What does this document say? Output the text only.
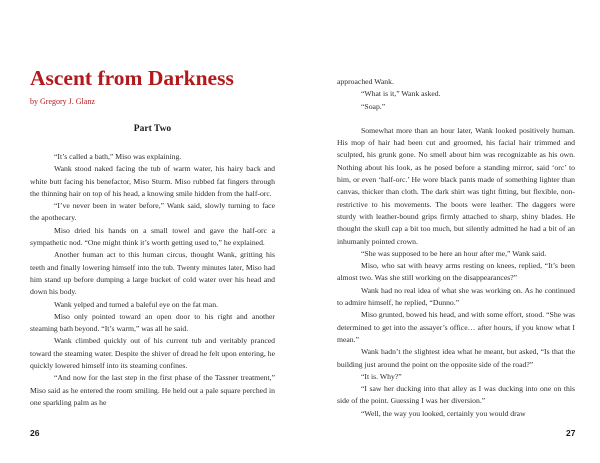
Ascent from Darkness

by Gregory J. Glanz

Part Two

“It’s called a bath,” Miso was explaining.

Wank stood naked facing the tub of warm water, his hairy back and white butt facing his benefactor, Miso Sturm. Miso rubbed fat fingers through the thinning hair on top of his head, a knowing smile hidden from the half-orc.

“I’ve never been in water before,” Wank said, slowly turning to face the apothecary.

Miso dried his hands on a small towel and gave the half-orc a sympathetic nod. “One might think it’s worth getting used to,” he explained.

Another human act to this human circus, thought Wank, gritting his teeth and finally lowering himself into the tub. Twenty minutes later, Miso had him stand up before dumping a large bucket of cold water over his head and down his body.

Wank yelped and turned a baleful eye on the fat man.

Miso only pointed toward an open door to his right and another steaming bath beyond. “It’s warm,” was all he said.

Wank climbed quickly out of his current tub and veritably pranced toward the steaming water. Despite the shiver of dread he felt upon entering, he quickly lowered himself into its steaming confines.

“And now for the last step in the first phase of the Tassner treatment,” Miso said as he entered the room smiling. He held out a pale square perched in one sparkling palm as he

26

approached Wank.

“What is it,” Wank asked.

“Soap.”

Somewhat more than an hour later, Wank looked positively human. His mop of hair had been cut and groomed, his facial hair trimmed and sculpted, his grunk gone. No smell about him was recognizable as his own. Nothing about his look, as he posed before a standing mirror, said ‘orc’ to him, or even ‘half-orc.’ He wore black pants made of something lighter than canvas, thicker than cloth. The dark shirt was tight fitting, but flexible, non-restrictive to his movements. The boots were leather. The daggers were sturdy with leather-bound grips firmly attached to sharp, shiny blades. He thought the skull cap a bit too much, but silently admitted he had a bit of an inhumanly pointed crown.

“She was supposed to be here an hour after me,” Wank said.

Miso, who sat with heavy arms resting on knees, replied, “It’s been almost two. Was she still working on the disappearances?”

Wank had no real idea of what she was working on. As he continued to admire himself, he replied, “Dunno.”

Miso grunted, bowed his head, and with some effort, stood. “She was determined to get into the assayer’s office… after hours, if you know what I mean.”

Wank hadn’t the slightest idea what he meant, but asked, “Is that the building just around the point on the opposite side of the road?”

“It is. Why?”

“I saw her ducking into that alley as I was ducking into one on this side of the point. Guessing I was her diversion.”

“Well, the way you looked, certainly you would draw

27
